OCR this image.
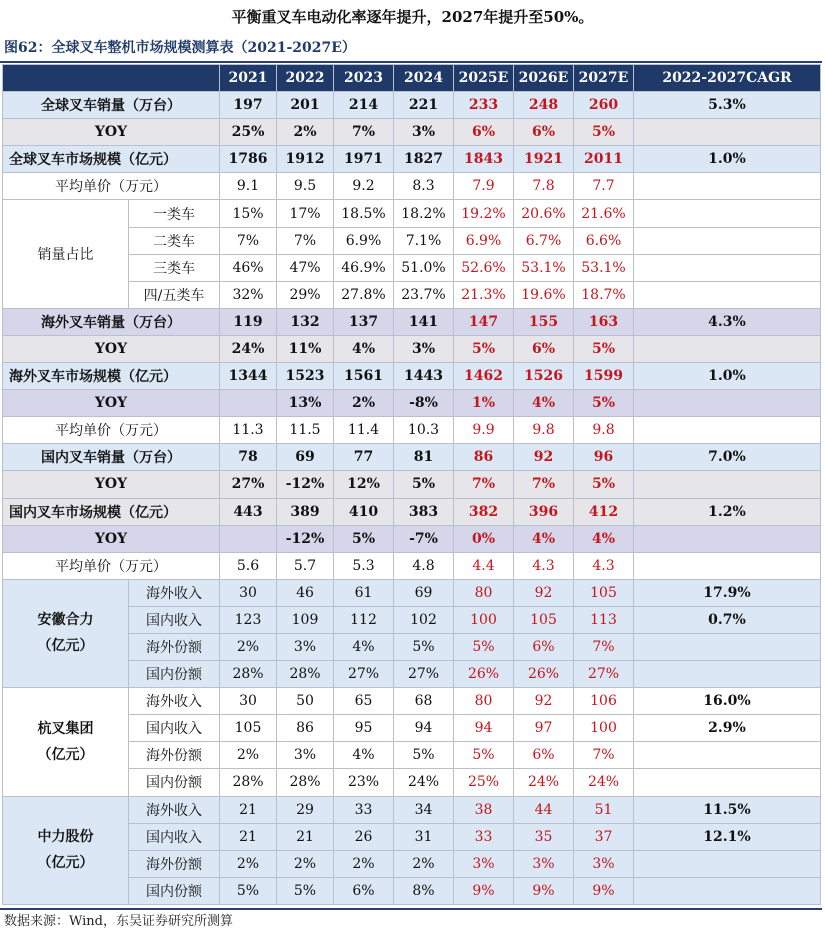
平衡重叉车电动化率逐年提升，2027年提升至50%。
图62：全球叉车整机市场规模测算表（2021-2027E）
		2021	2022	2023	2024	2025E	2026E	2027E	2022-2027CAGR
全球叉车销量（万台）		197	201	214	221	233	248	260	5.3%
YOY		25%	2%	7%	3%	6%	6%	5%	
全球叉车市场规模（亿元）		1786	1912	1971	1827	1843	1921	2011	1.0%
平均单价（万元）		9.1	9.5	9.2	8.3	7.9	7.8	7.7	
销量占比	一类车	15%	17%	18.5%	18.2%	19.2%	20.6%	21.6%	
	二类车	7%	7%	6.9%	7.1%	6.9%	6.7%	6.6%	
	三类车	46%	47%	46.9%	51.0%	52.6%	53.1%	53.1%	
	四/五类车	32%	29%	27.8%	23.7%	21.3%	19.6%	18.7%	
海外叉车销量（万台）		119	132	137	141	147	155	163	4.3%
YOY		24%	11%	4%	3%	5%	6%	5%	
海外叉车市场规模（亿元）		1344	1523	1561	1443	1462	1526	1599	1.0%
YOY			13%	2%	-8%	1%	4%	5%	
平均单价（万元）		11.3	11.5	11.4	10.3	9.9	9.8	9.8	
国内叉车销量（万台）		78	69	77	81	86	92	96	7.0%
YOY		27%	-12%	12%	5%	7%	7%	5%	
国内叉车市场规模（亿元）		443	389	410	383	382	396	412	1.2%
YOY			-12%	5%	-7%	0%	4%	4%	
平均单价（万元）		5.6	5.7	5.3	4.8	4.4	4.3	4.3	

安徽合力
（亿元）	海外收入	30	46	61	69	80	92	105	17.9%
	国内收入	123	109	112	102	100	105	113	0.7%
	海外份额	2%	3%	4%	5%	5%	6%	7%	
	国内份额	28%	28%	27%	27%	26%	26%	27%	

杭叉集团
（亿元）	海外收入	30	50	65	68	80	92	106	16.0%
	国内收入	105	86	95	94	94	97	100	2.9%
	海外份额	2%	3%	4%	5%	5%	6%	7%	
	国内份额	28%	28%	23%	24%	25%	24%	24%	

中力股份
（亿元）	海外收入	21	29	33	34	38	44	51	11.5%
	国内收入	21	21	26	31	33	35	37	12.1%
	海外份额	2%	2%	2%	2%	3%	3%	3%	
	国内份额	5%	5%	6%	8%	9%	9%	9%	
数据来源：Wind，东吴证券研究所测算
